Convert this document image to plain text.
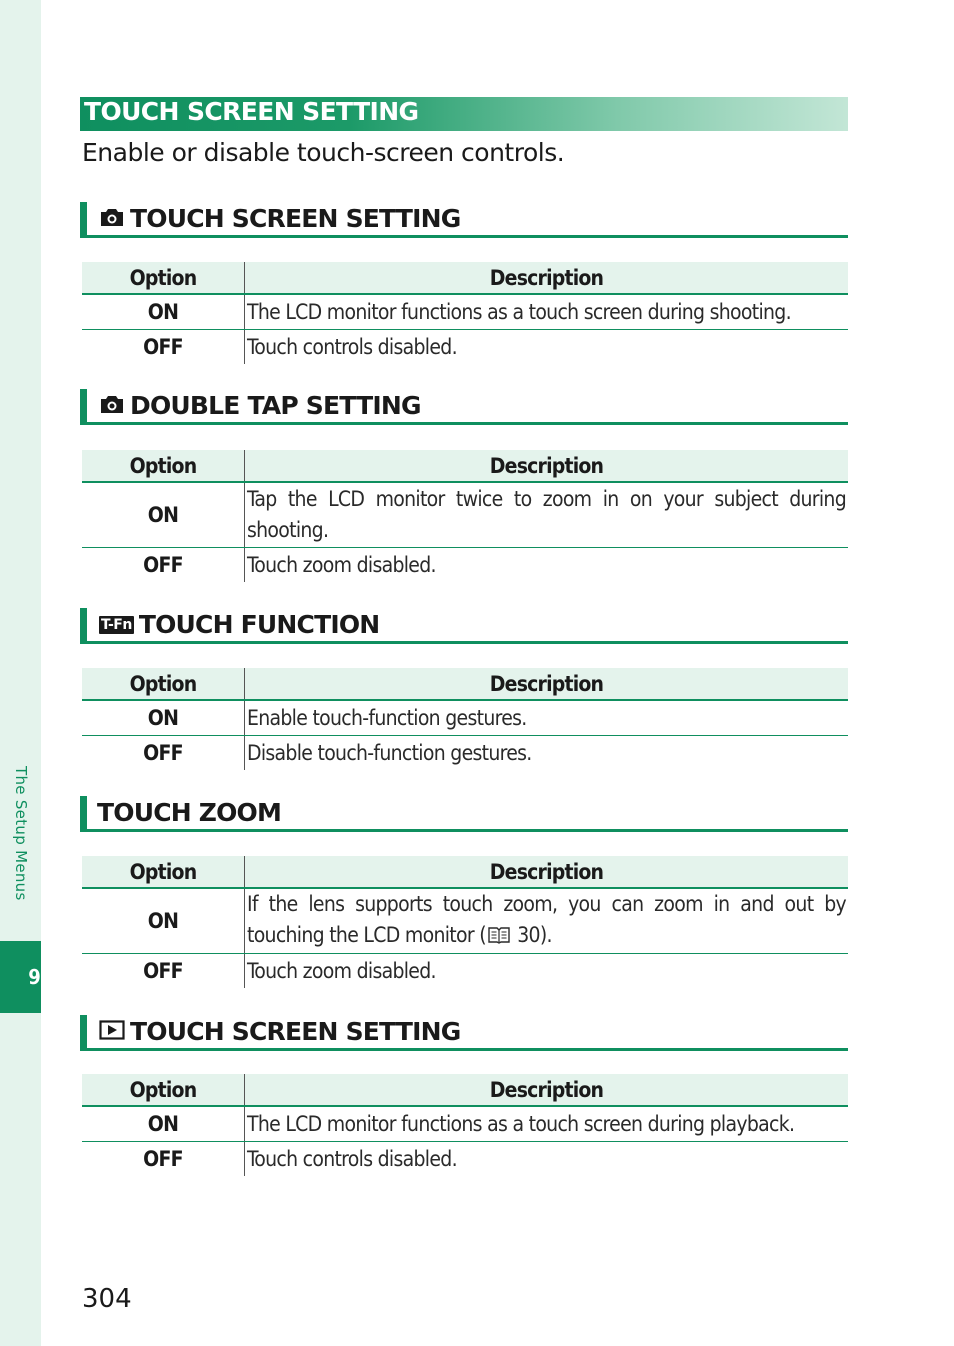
The Setup Menus
9
TOUCH SCREEN SETTING
Enable or disable touch-screen controls.
TOUCH SCREEN SETTING
Option	Description
ON	The LCD monitor functions as a touch screen during shooting.
OFF	Touch controls disabled.
DOUBLE TAP SETTING
Option	Description
ON	Tap the LCD monitor twice to zoom in on your subject during shooting.
OFF	Touch zoom disabled.
T-Fn TOUCH FUNCTION
Option	Description
ON	Enable touch-function gestures.
OFF	Disable touch-function gestures.
TOUCH ZOOM
Option	Description
ON	If the lens supports touch zoom, you can zoom in and out by touching the LCD monitor ( 30).
OFF	Touch zoom disabled.
TOUCH SCREEN SETTING
Option	Description
ON	The LCD monitor functions as a touch screen during playback.
OFF	Touch controls disabled.
304
